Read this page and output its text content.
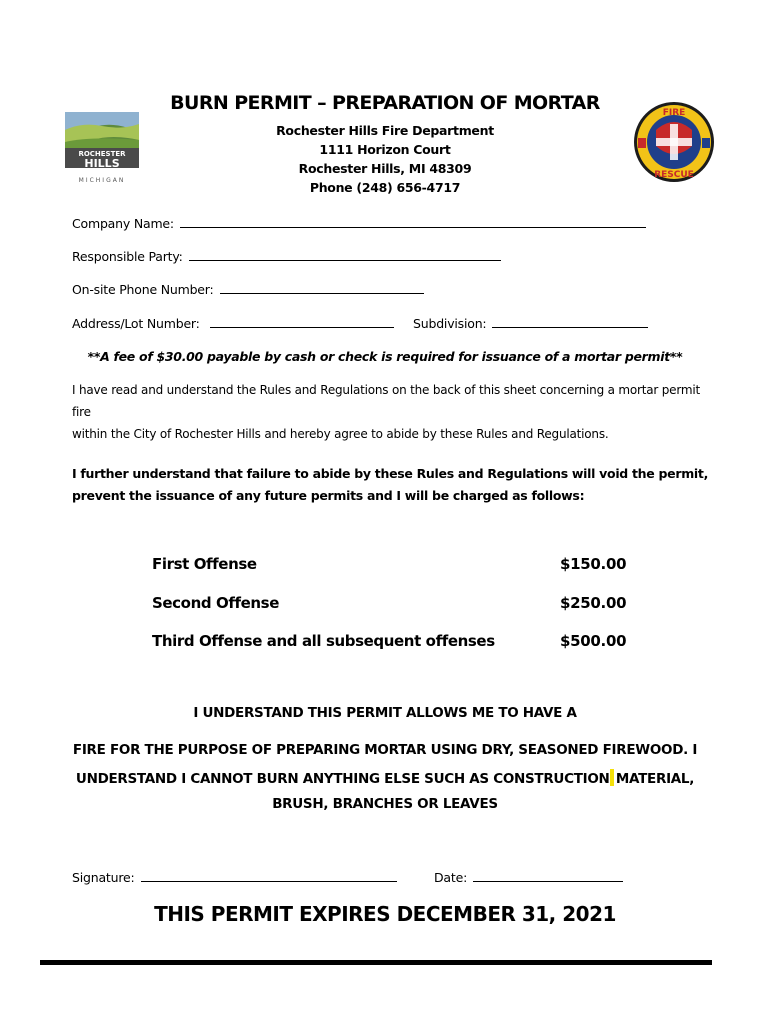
ROCHESTER
HILLS
MICHIGAN
FIRE
RESCUE
BURN PERMIT – PREPARATION OF MORTAR
Rochester Hills Fire Department
1111 Horizon Court
Rochester Hills, MI 48309
Phone (248) 656-4717
Company Name:
Responsible Party:
On-site Phone Number:
Address/Lot Number:	Subdivision:
**A fee of $30.00 payable by cash or check is required for issuance of a mortar permit**
I have read and understand the Rules and Regulations on the back of this sheet concerning a mortar permit fire
within the City of Rochester Hills and hereby agree to abide by these Rules and Regulations.
I further understand that failure to abide by these Rules and Regulations will void the permit,
prevent the issuance of any future permits and I will be charged as follows:
First Offense	$150.00
Second Offense	$250.00
Third Offense and all subsequent offenses	$500.00
I UNDERSTAND THIS PERMIT ALLOWS ME TO HAVE A
FIRE FOR THE PURPOSE OF PREPARING MORTAR USING DRY, SEASONED FIREWOOD. I
UNDERSTAND I CANNOT BURN ANYTHING ELSE SUCH AS CONSTRUCTION MATERIAL,
BRUSH, BRANCHES OR LEAVES
Signature:	Date:
THIS PERMIT EXPIRES DECEMBER 31, 2021
